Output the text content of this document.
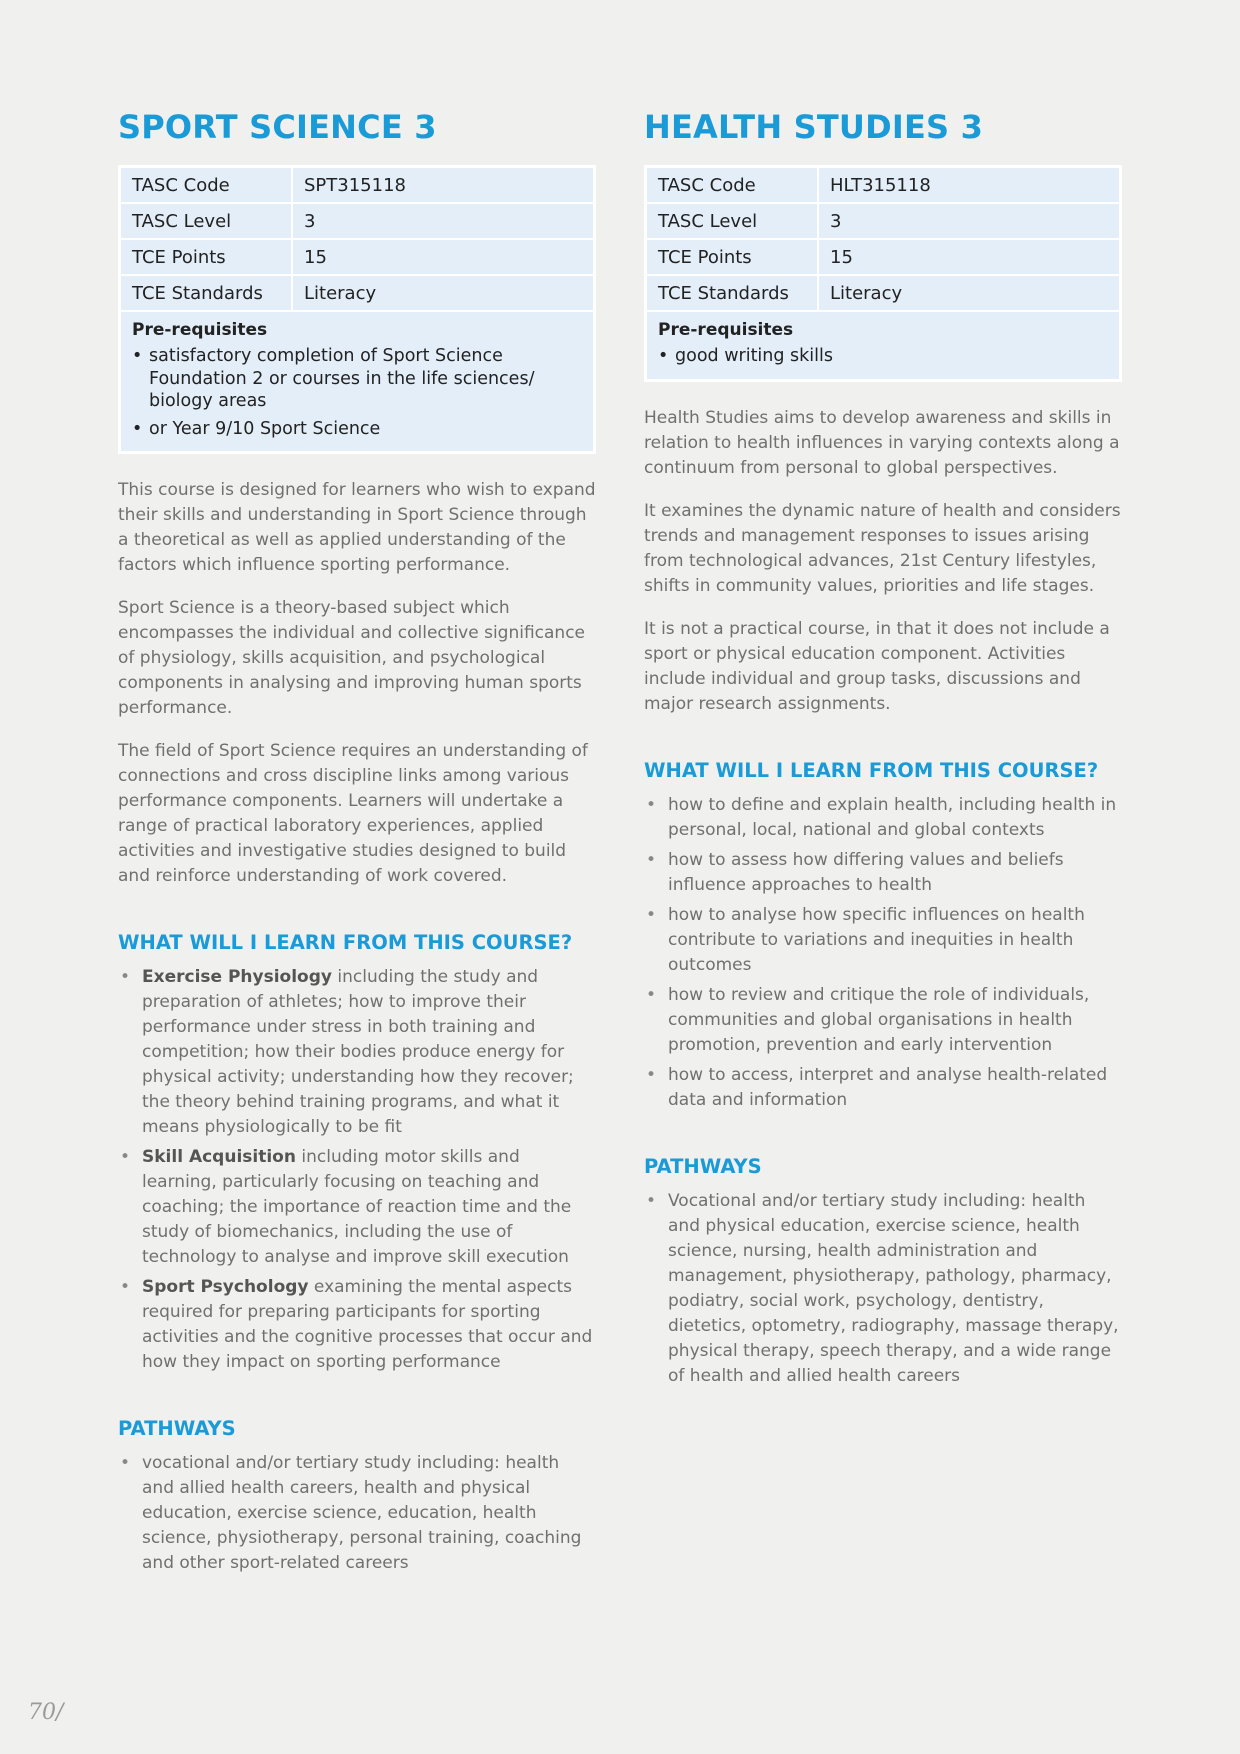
SPORT SCIENCE 3
TASC Code	SPT315118
TASC Level	3
TCE Points	15
TCE Standards	Literacy
Pre-requisites
• satisfactory completion of Sport Science Foundation 2 or courses in the life sciences/ biology areas
• or Year 9/10 Sport Science

This course is designed for learners who wish to expand their skills and understanding in Sport Science through a theoretical as well as applied understanding of the factors which influence sporting performance.

Sport Science is a theory-based subject which encompasses the individual and collective significance of physiology, skills acquisition, and psychological components in analysing and improving human sports performance.

The field of Sport Science requires an understanding of connections and cross discipline links among various performance components. Learners will undertake a range of practical laboratory experiences, applied activities and investigative studies designed to build and reinforce understanding of work covered.

WHAT WILL I LEARN FROM THIS COURSE?
• Exercise Physiology including the study and preparation of athletes; how to improve their performance under stress in both training and competition; how their bodies produce energy for physical activity; understanding how they recover; the theory behind training programs, and what it means physiologically to be fit
• Skill Acquisition including motor skills and learning, particularly focusing on teaching and coaching; the importance of reaction time and the study of biomechanics, including the use of technology to analyse and improve skill execution
• Sport Psychology examining the mental aspects required for preparing participants for sporting activities and the cognitive processes that occur and how they impact on sporting performance
PATHWAYS
• vocational and/or tertiary study including: health and allied health careers, health and physical education, exercise science, education, health science, physiotherapy, personal training, coaching and other sport-related careers
HEALTH STUDIES 3
TASC Code	HLT315118
TASC Level	3
TCE Points	15
TCE Standards	Literacy
Pre-requisites
• good writing skills

Health Studies aims to develop awareness and skills in relation to health influences in varying contexts along a continuum from personal to global perspectives.

It examines the dynamic nature of health and considers trends and management responses to issues arising from technological advances, 21st Century lifestyles, shifts in community values, priorities and life stages.

It is not a practical course, in that it does not include a sport or physical education component. Activities include individual and group tasks, discussions and major research assignments.

WHAT WILL I LEARN FROM THIS COURSE?
• how to define and explain health, including health in personal, local, national and global contexts
• how to assess how differing values and beliefs influence approaches to health
• how to analyse how specific influences on health contribute to variations and inequities in health outcomes
• how to review and critique the role of individuals, communities and global organisations in health promotion, prevention and early intervention
• how to access, interpret and analyse health-related data and information
PATHWAYS
• Vocational and/or tertiary study including: health and physical education, exercise science, health science, nursing, health administration and management, physiotherapy, pathology, pharmacy, podiatry, social work, psychology, dentistry, dietetics, optometry, radiography, massage therapy, physical therapy, speech therapy, and a wide range of health and allied health careers
70/
